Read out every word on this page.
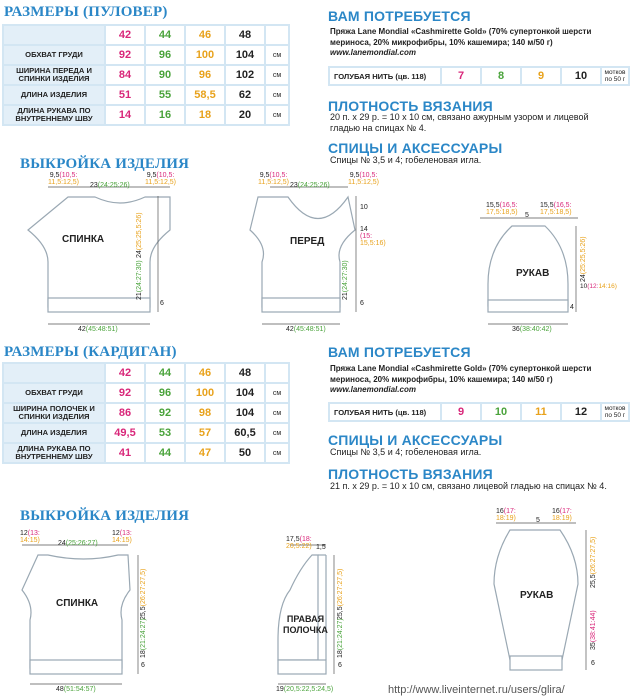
РАЗМЕРЫ (ПУЛОВЕР)
	42	44	46	48	
ОБХВАТ ГРУДИ	92	96	100	104	см
ШИРИНА ПЕРЕДА И СПИНКИ ИЗДЕЛИЯ	84	90	96	102	см
ДЛИНА ИЗДЕЛИЯ	51	55	58,5	62	см
ДЛИНА РУКАВА ПО ВНУТРЕННЕМУ ШВУ	14	16	18	20	см
ВАМ ПОТРЕБУЕТСЯ
Пряжа Lane Mondial «Cashmirette Gold» (70% супертонкой шерсти мериноса, 20% микрофибры, 10% кашемира; 140 м/50 г)
www.lanemondial.com
ГОЛУБАЯ НИТЬ (цв. 118)	7	8	9	10	мотков по 50 г
ПЛОТНОСТЬ ВЯЗАНИЯ
20 п. х 29 р. = 10 х 10 см, связано ажурным узором и лицевой гладью на спицах № 4.
СПИЦЫ И АКСЕССУАРЫ
Спицы № 3,5 и 4; гобеленовая игла.
ВЫКРОЙКА ИЗДЕЛИЯ
СПИНКА
9,5(10,5:
11,5:12,5) 23(24:25:26)
9,5(10,5:
11,5:12,5)
24(25:25,5:26)
21(24:27:30)
6
42(45:48:51)
ПЕРЕД
9,5(10,5:
11,5:12,5) 23(24:25:26)
9,5(10,5:
11,5:12,5)
10
14
(15:
15,5:16)
21(24:27:30)
6
42(45:48:51)
РУКАВ
15,5(16,5:
17,5:18,5) 5
15,5(16,5:
17,5:18,5)
24(25:25,5:26)
10(12:14:16)
4
36(38:40:42)
РАЗМЕРЫ (КАРДИГАН)
	42	44	46	48	
ОБХВАТ ГРУДИ	92	96	100	104	см
ШИРИНА ПОЛОЧЕК И СПИНКИ ИЗДЕЛИЯ	86	92	98	104	см
ДЛИНА ИЗДЕЛИЯ	49,5	53	57	60,5	см
ДЛИНА РУКАВА ПО ВНУТРЕННЕМУ ШВУ	41	44	47	50	см
ВАМ ПОТРЕБУЕТСЯ
Пряжа Lane Mondial «Cashmirette Gold» (70% супертонкой шерсти мериноса, 20% микрофибры, 10% кашемира; 140 м/50 г)
www.lanemondial.com
ГОЛУБАЯ НИТЬ (цв. 118)	9	10	11	12	мотков по 50 г
СПИЦЫ И АКСЕССУАРЫ
Спицы № 3,5 и 4; гобеленовая игла.
ПЛОТНОСТЬ ВЯЗАНИЯ
21 п. х 29 р. = 10 х 10 см, связано лицевой гладью на спицах № 4.
ВЫКРОЙКА ИЗДЕЛИЯ
СПИНКА
12(13:
14:15)	24(25:26:27)
12(13:
14:15)
25,5(26:27:27,5)
18(21:24:27)
6
48(51:54:57)
ПРАВАЯ
ПОЛОЧКА
17,5(18:
20,5:22) 1,5
25,5(26:27:27,5)
18(21:24:27)
6
19(20,5:22,5:24,5)
РУКАВ
16(17:
18:19)	5
16(17:
18:19)
25,5(26:27:27,5)
35(38:41:44)
6
http://www.liveinternet.ru/users/glira/
